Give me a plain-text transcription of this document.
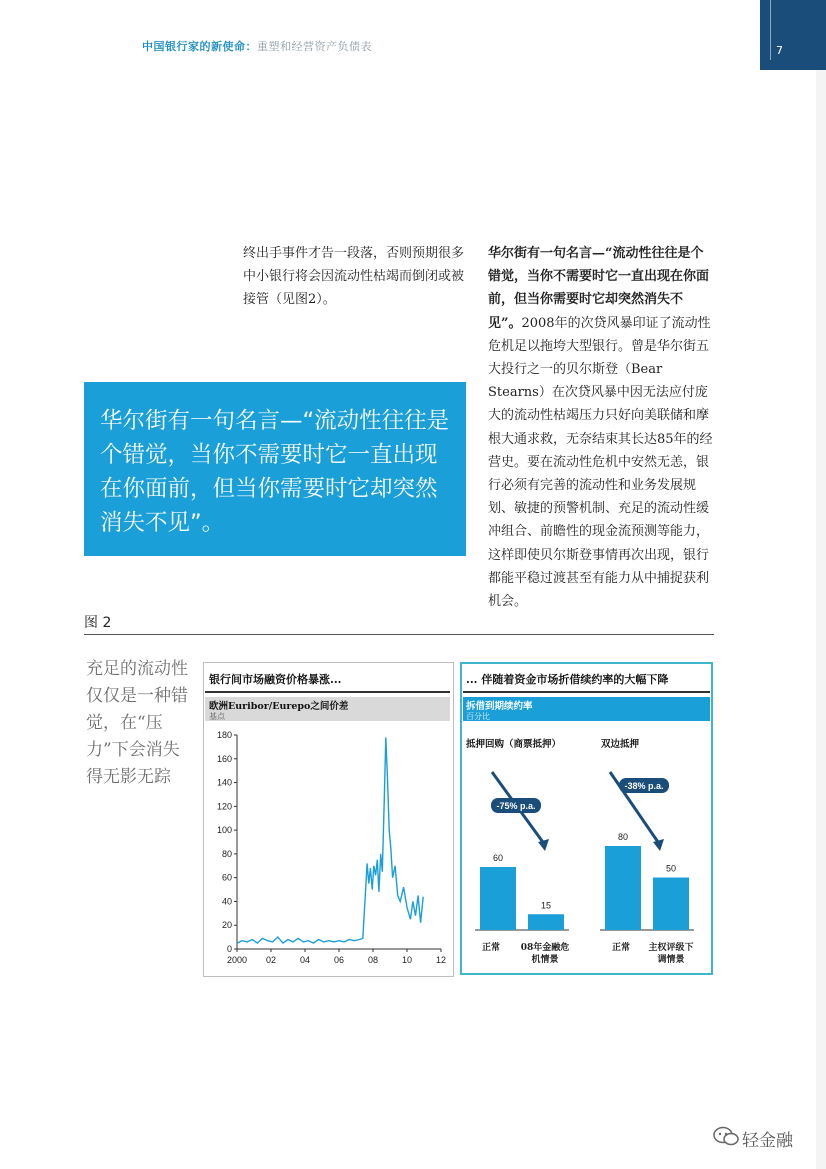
7
中国银行家的新使命：重塑和经营资产负债表
终出手事件才告一段落，否则预期很多中小银行将会因流动性枯竭而倒闭或被接管（见图2）。
华尔街有一句名言—“流动性往往是个错觉，当你不需要时它一直出现在你面前，但当你需要时它却突然消失不见”。2008年的次贷风暴印证了流动性危机足以拖垮大型银行。曾是华尔街五大投行之一的贝尔斯登（Bear Stearns）在次贷风暴中因无法应付庞大的流动性枯竭压力只好向美联储和摩根大通求救，无奈结束其长达85年的经营史。要在流动性危机中安然无恙，银行必须有完善的流动性和业务发展规划、敏捷的预警机制、充足的流动性缓冲组合、前瞻性的现金流预测等能力，这样即使贝尔斯登事情再次出现，银行都能平稳过渡甚至有能力从中捕捉获利机会。
华尔街有一句名言—“流动性往往是个错觉，当你不需要时它一直出现在你面前，但当你需要时它却突然消失不见”。
图 2
充足的流动性仅仅是一种错觉，在“压力”下会消失得无影无踪
银行间市场融资价格暴涨...
欧洲Euribor/Eurepo之间价差
基点
0
20
40
60
80
100
120
140
160
180
2000 02	04	06	08	10	12
... 伴随着资金市场折借续约率的大幅下降
拆借到期续约率
百分比
抵押回购（商票抵押）	双边抵押
60
15
-75% p.a.
80
50
-38% p.a.
正常	08年金融危机情景
正常	主权评级下调情景
轻金融
